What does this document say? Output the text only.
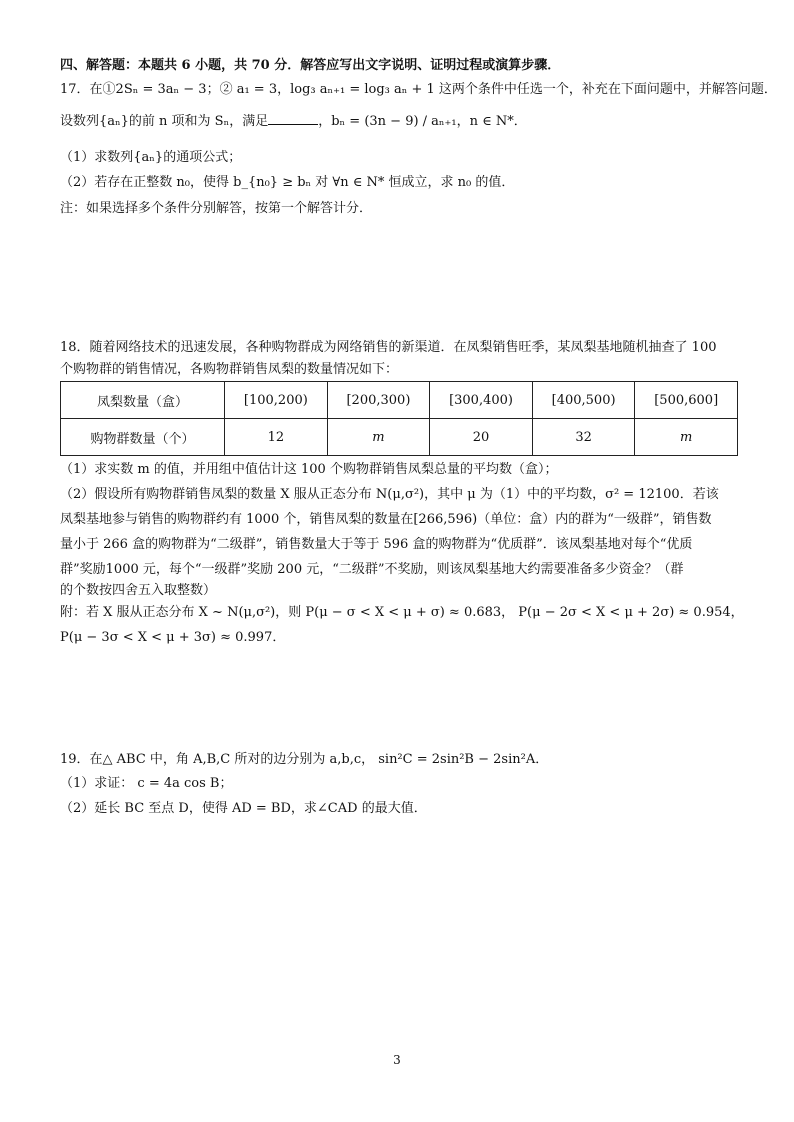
四、解答题：本题共 6 小题，共 70 分．解答应写出文字说明、证明过程或演算步骤．
17．在①2Sₙ = 3aₙ − 3；② a₁ = 3，log₃ aₙ₊₁ = log₃ aₙ + 1 这两个条件中任选一个，补充在下面问题中，并解答问题．
设数列{aₙ}的前 n 项和为 Sₙ，满足	，bₙ = (3n − 9) / aₙ₊₁，n ∈ N*．
（1）求数列{aₙ}的通项公式；
（2）若存在正整数 n₀，使得 b_{n₀} ≥ bₙ 对 ∀n ∈ N* 恒成立，求 n₀ 的值．
注：如果选择多个条件分别解答，按第一个解答计分．
18．随着网络技术的迅速发展，各种购物群成为网络销售的新渠道．在凤梨销售旺季，某凤梨基地随机抽查了 100
个购物群的销售情况，各购物群销售凤梨的数量情况如下：
凤梨数量（盒）	[100,200)	[200,300)	[300,400)	[400,500)	[500,600]
购物群数量（个）	12	m	20	32	m
（1）求实数 m 的值，并用组中值估计这 100 个购物群销售凤梨总量的平均数（盒）；
（2）假设所有购物群销售凤梨的数量 X 服从正态分布 N(μ,σ²)，其中 μ 为（1）中的平均数，σ² = 12100．若该
凤梨基地参与销售的购物群约有 1000 个，销售凤梨的数量在[266,596)（单位：盒）内的群为“一级群”，销售数
量小于 266 盒的购物群为“二级群”，销售数量大于等于 596 盒的购物群为“优质群”．该凤梨基地对每个“优质
群”奖励1000 元，每个“一级群”奖励 200 元，“二级群”不奖励，则该凤梨基地大约需要准备多少资金？（群
的个数按四舍五入取整数）
附：若 X 服从正态分布 X ~ N(μ,σ²)，则 P(μ − σ < X < μ + σ) ≈ 0.683， P(μ − 2σ < X < μ + 2σ) ≈ 0.954，
P(μ − 3σ < X < μ + 3σ) ≈ 0.997．
19．在△ ABC 中，角 A,B,C 所对的边分别为 a,b,c， sin²C = 2sin²B − 2sin²A．
（1）求证： c = 4a cos B；
（2）延长 BC 至点 D，使得 AD = BD，求∠CAD 的最大值．
3
